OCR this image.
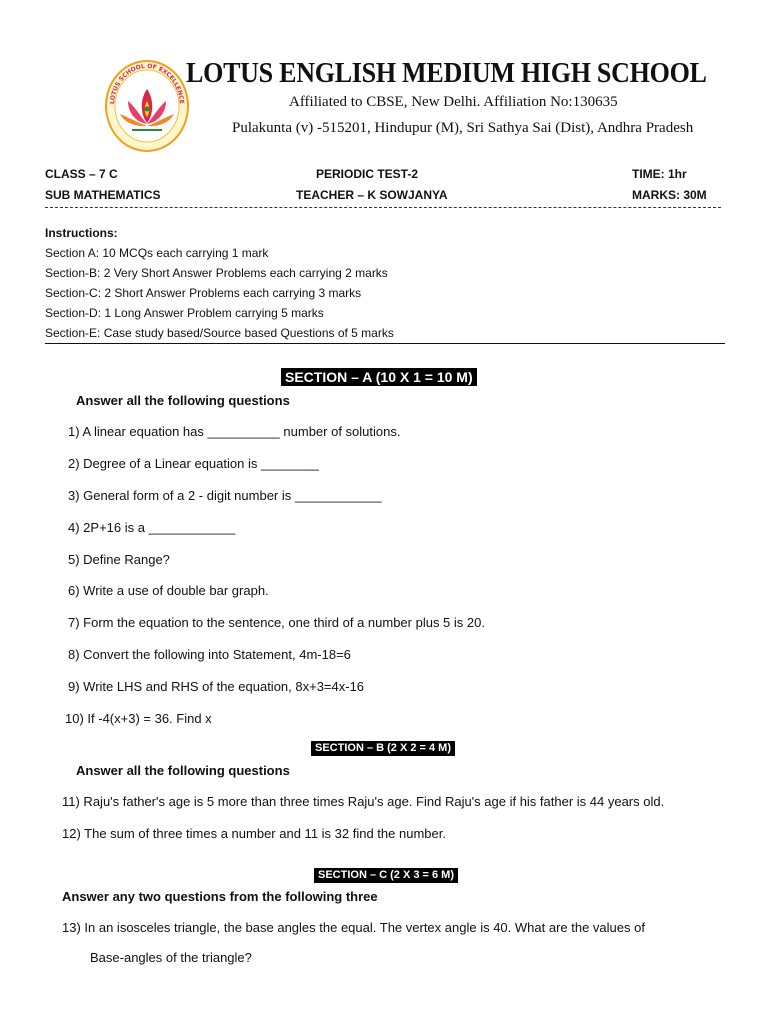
LOTUS SCHOOL OF EXCELLENCE
LOTUS ENGLISH MEDIUM HIGH SCHOOL
Affiliated to CBSE, New Delhi. Affiliation No:130635
Pulakunta (v) -515201, Hindupur (M), Sri Sathya Sai (Dist), Andhra Pradesh
CLASS – 7 C	PERIODIC TEST-2	TIME: 1hr
SUB MATHEMATICS	TEACHER – K SOWJANYA	MARKS: 30M
Instructions:
Section A: 10 MCQs each carrying 1 mark
Section-B: 2 Very Short Answer Problems each carrying 2 marks
Section-C: 2 Short Answer Problems each carrying 3 marks
Section-D: 1 Long Answer Problem carrying 5 marks
Section-E: Case study based/Source based Questions of 5 marks
SECTION – A (10 X 1 = 10 M)
Answer all the following questions
1) A linear equation has __________ number of solutions.
2) Degree of a Linear equation is ________
3) General form of a 2 - digit number is ____________
4) 2P+16 is a ____________
5) Define Range?
6) Write a use of double bar graph.
7) Form the equation to the sentence, one third of a number plus 5 is 20.
8) Convert the following into Statement, 4m-18=6
9) Write LHS and RHS of the equation, 8x+3=4x-16
10) If -4(x+3) = 36. Find x
SECTION – B (2 X 2 = 4 M)
Answer all the following questions
11) Raju's father's age is 5 more than three times Raju's age. Find Raju's age if his father is 44 years old.
12) The sum of three times a number and 11 is 32 find the number.
SECTION – C (2 X 3 = 6 M)
Answer any two questions from the following three
13) In an isosceles triangle, the base angles the equal. The vertex angle is 40. What are the values of
Base-angles of the triangle?
